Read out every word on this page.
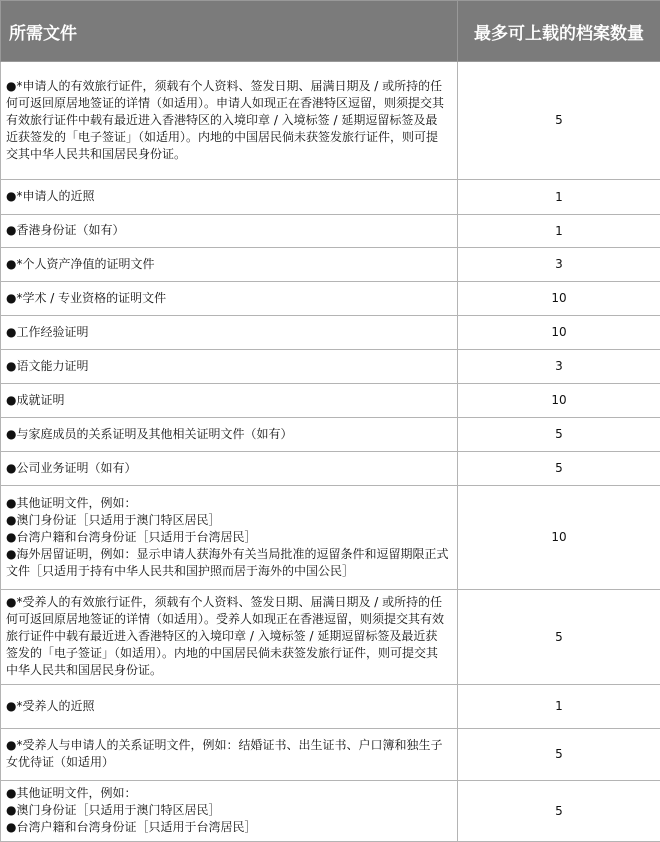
所需文件	最多可上载的档案数量

●*申请人的有效旅行证件，须载有个人资料、签发日期、届满日期及 / 或所持的任何可返回原居地签证的详情（如适用）。申请人如现正在香港特区逗留，则须提交其有效旅行证件中载有最近进入香港特区的入境印章 / 入境标签 / 延期逗留标签及最近获签发的「电子签证」（如适用）。内地的中国居民倘未获签发旅行证件，则可提交其中华人民共和国居民身份证。	5

●*申请人的近照	1

●香港身份证（如有）	1

●*个人资产净值的证明文件	3

●*学术 / 专业资格的证明文件	10

●工作经验证明	10

●语文能力证明	3

●成就证明	10

●与家庭成员的关系证明及其他相关证明文件（如有）	5

●公司业务证明（如有）	5

●其他证明文件，例如：
●澳门身份证［只适用于澳门特区居民］
●台湾户籍和台湾身份证［只适用于台湾居民］
●海外居留证明，例如：显示申请人获海外有关当局批准的逗留条件和逗留期限正式文件［只适用于持有中华人民共和国护照而居于海外的中国公民］	10

●*受养人的有效旅行证件，须载有个人资料、签发日期、届满日期及 / 或所持的任何可返回原居地签证的详情（如适用）。受养人如现正在香港逗留，则须提交其有效旅行证件中载有最近进入香港特区的入境印章 / 入境标签 / 延期逗留标签及最近获签发的「电子签证」（如适用）。内地的中国居民倘未获签发旅行证件，则可提交其中华人民共和国居民身份证。	5

●*受养人的近照	1

●*受养人与申请人的关系证明文件，例如：结婚证书、出生证书、户口簿和独生子女优待证（如适用）	5

●其他证明文件，例如：
●澳门身份证［只适用于澳门特区居民］
●台湾户籍和台湾身份证［只适用于台湾居民］	5
